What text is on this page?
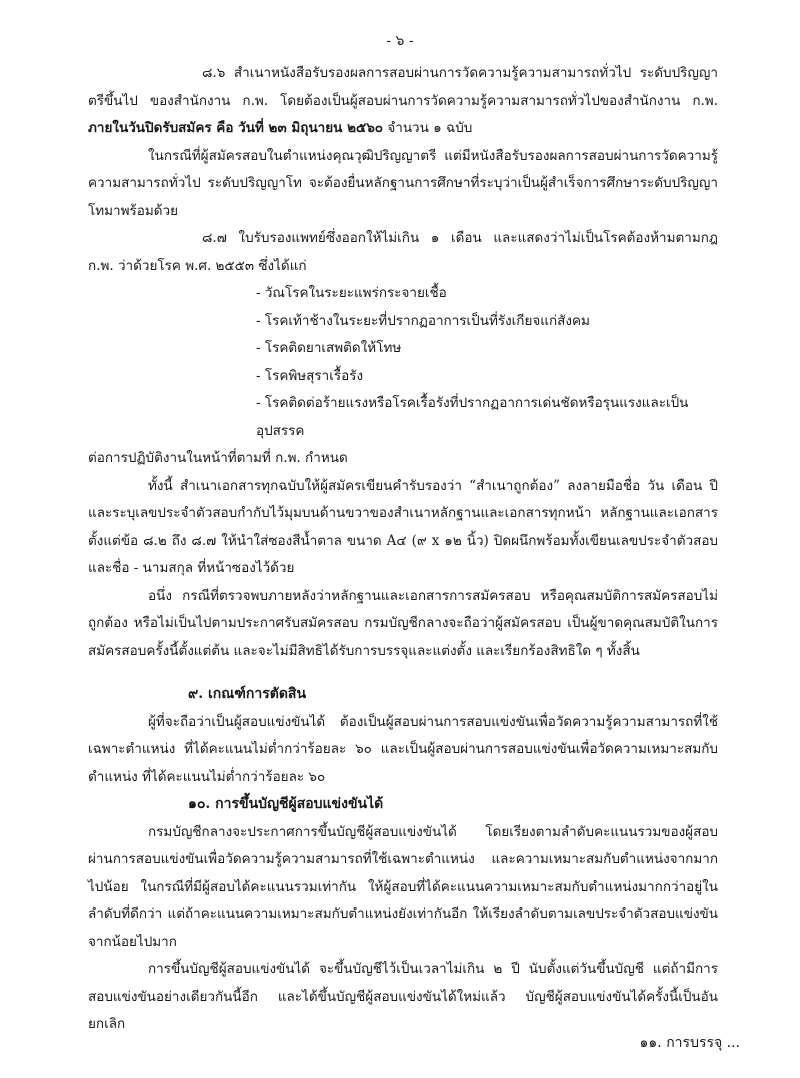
- ๖ -

๘.๖ สำเนาหนังสือรับรองผลการสอบผ่านการวัดความรู้ความสามารถทั่วไป ระดับปริญญาตรีขึ้นไป ของสำนักงาน ก.พ. โดยต้องเป็นผู้สอบผ่านการวัดความรู้ความสามารถทั่วไปของสำนักงาน ก.พ. ภายในวันปิดรับสมัคร คือ วันที่ ๒๓ มิถุนายน ๒๕๖๐ จำนวน ๑ ฉบับ

ในกรณีที่ผู้สมัครสอบในตำแหน่งคุณวุฒิปริญญาตรี แต่มีหนังสือรับรองผลการสอบผ่านการวัดความรู้ความสามารถทั่วไป ระดับปริญญาโท จะต้องยื่นหลักฐานการศึกษาที่ระบุว่าเป็นผู้สำเร็จการศึกษาระดับปริญญาโทมาพร้อมด้วย

๘.๗ ใบรับรองแพทย์ซึ่งออกให้ไม่เกิน ๑ เดือน และแสดงว่าไม่เป็นโรคต้องห้ามตามกฎ ก.พ. ว่าด้วยโรค พ.ศ. ๒๕๕๓ ซึ่งได้แก่

- วัณโรคในระยะแพร่กระจายเชื้อ
- โรคเท้าช้างในระยะที่ปรากฏอาการเป็นที่รังเกียจแก่สังคม
- โรคติดยาเสพติดให้โทษ
- โรคพิษสุราเรื้อรัง
- โรคติดต่อร้ายแรงหรือโรคเรื้อรังที่ปรากฏอาการเด่นชัดหรือรุนแรงและเป็นอุปสรรค

ต่อการปฏิบัติงานในหน้าที่ตามที่ ก.พ. กำหนด

ทั้งนี้ สำเนาเอกสารทุกฉบับให้ผู้สมัครเขียนคำรับรองว่า “สำเนาถูกต้อง” ลงลายมือชื่อ วัน เดือน ปี และระบุเลขประจำตัวสอบกำกับไว้มุมบนด้านขวาของสำเนาหลักฐานและเอกสารทุกหน้า หลักฐานและเอกสารตั้งแต่ข้อ ๘.๒ ถึง ๘.๗ ให้นำใส่ซองสีน้ำตาล ขนาด A๔ (๙ x ๑๒ นิ้ว) ปิดผนึกพร้อมทั้งเขียนเลขประจำตัวสอบ และชื่อ - นามสกุล ที่หน้าซองไว้ด้วย

อนึ่ง กรณีที่ตรวจพบภายหลังว่าหลักฐานและเอกสารการสมัครสอบ หรือคุณสมบัติการสมัครสอบไม่ถูกต้อง หรือไม่เป็นไปตามประกาศรับสมัครสอบ กรมบัญชีกลางจะถือว่าผู้สมัครสอบ เป็นผู้ขาดคุณสมบัติในการสมัครสอบครั้งนี้ตั้งแต่ต้น และจะไม่มีสิทธิได้รับการบรรจุและแต่งตั้ง และเรียกร้องสิทธิใด ๆ ทั้งสิ้น

๙. เกณฑ์การตัดสิน

ผู้ที่จะถือว่าเป็นผู้สอบแข่งขันได้ ต้องเป็นผู้สอบผ่านการสอบแข่งขันเพื่อวัดความรู้ความสามารถที่ใช้เฉพาะตำแหน่ง ที่ได้คะแนนไม่ต่ำกว่าร้อยละ ๖๐ และเป็นผู้สอบผ่านการสอบแข่งขันเพื่อวัดความเหมาะสมกับตำแหน่ง ที่ได้คะแนนไม่ต่ำกว่าร้อยละ ๖๐

๑๐. การขึ้นบัญชีผู้สอบแข่งขันได้

กรมบัญชีกลางจะประกาศการขึ้นบัญชีผู้สอบแข่งขันได้ โดยเรียงตามลำดับคะแนนรวมของผู้สอบผ่านการสอบแข่งขันเพื่อวัดความรู้ความสามารถที่ใช้เฉพาะตำแหน่ง และความเหมาะสมกับตำแหน่งจากมากไปน้อย ในกรณีที่มีผู้สอบได้คะแนนรวมเท่ากัน ให้ผู้สอบที่ได้คะแนนความเหมาะสมกับตำแหน่งมากกว่าอยู่ในลำดับที่ดีกว่า แต่ถ้าคะแนนความเหมาะสมกับตำแหน่งยังเท่ากันอีก ให้เรียงลำดับตามเลขประจำตัวสอบแข่งขันจากน้อยไปมาก

การขึ้นบัญชีผู้สอบแข่งขันได้ จะขึ้นบัญชีไว้เป็นเวลาไม่เกิน ๒ ปี นับตั้งแต่วันขึ้นบัญชี แต่ถ้ามีการสอบแข่งขันอย่างเดียวกันนี้อีก และได้ขึ้นบัญชีผู้สอบแข่งขันได้ใหม่แล้ว บัญชีผู้สอบแข่งขันได้ครั้งนี้เป็นอันยกเลิก

๑๑. การบรรจุ ...
